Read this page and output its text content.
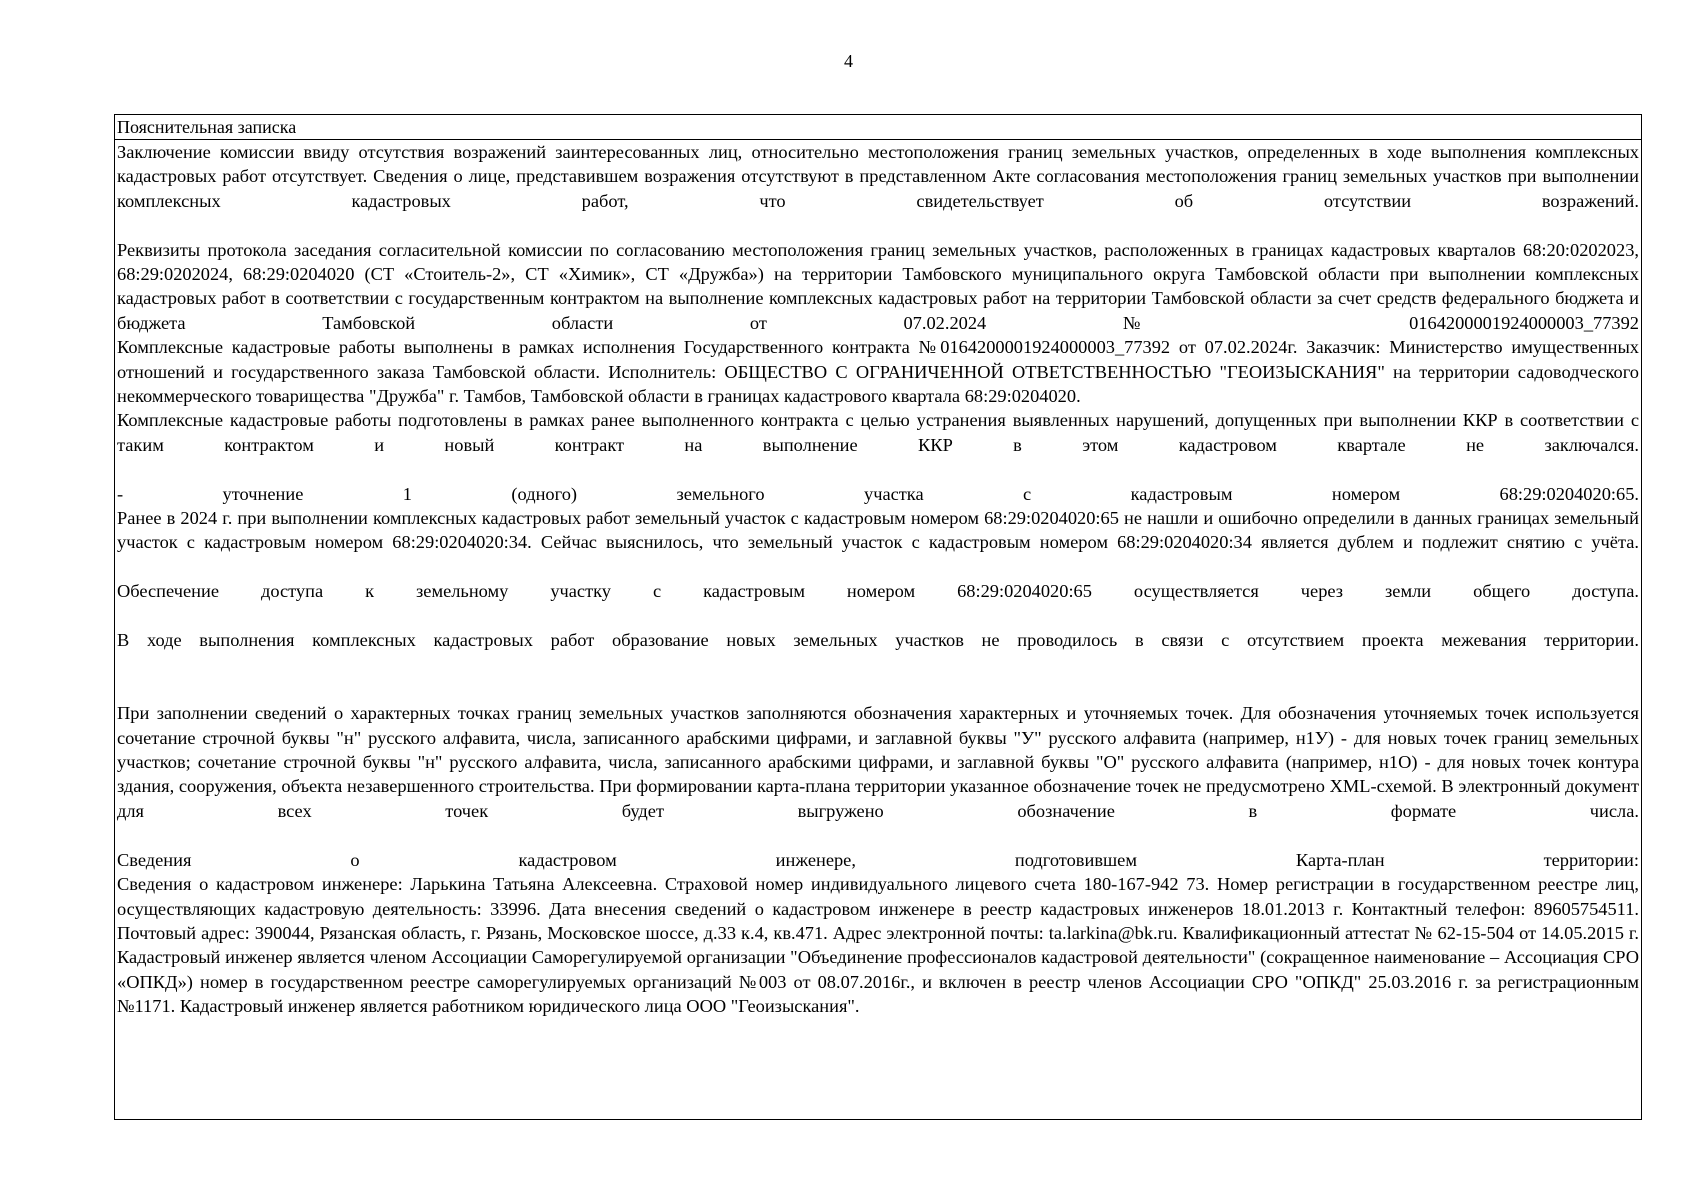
4
Пояснительная записка

Заключение комиссии ввиду отсутствия возражений заинтересованных лиц, относительно местоположения границ земельных участков, определенных в ходе выполнения комплексных кадастровых работ отсутствует. Сведения о лице, представившем возражения отсутствуют в представленном Акте согласования местоположения границ земельных участков при выполнении комплексных кадастровых работ, что свидетельствует об отсутствии возражений.

Реквизиты протокола заседания согласительной комиссии по согласованию местоположения границ земельных участков, расположенных в границах кадастровых кварталов 68:20:0202023, 68:29:0202024, 68:29:0204020 (СТ «Стоитель-2», СТ «Химик», СТ «Дружба») на территории Тамбовского муниципального округа Тамбовской области при выполнении комплексных кадастровых работ в соответствии с государственным контрактом на выполнение комплексных кадастровых работ на территории Тамбовской области за счет средств федерального бюджета и бюджета Тамбовской области от 07.02.2024 № 0164200001924000003_77392

Комплексные кадастровые работы выполнены в рамках исполнения Государственного контракта №0164200001924000003_77392 от 07.02.2024г. Заказчик: Министерство имущественных отношений и государственного заказа Тамбовской области. Исполнитель: ОБЩЕСТВО С ОГРАНИЧЕННОЙ ОТВЕТСТВЕННОСТЬЮ "ГЕОИЗЫСКАНИЯ" на территории садоводческого некоммерческого товарищества "Дружба" г. Тамбов, Тамбовской области в границах кадастрового квартала 68:29:0204020.

Комплексные кадастровые работы подготовлены в рамках ранее выполненного контракта с целью устранения выявленных нарушений, допущенных при выполнении ККР в соответствии с таким контрактом и новый контракт на выполнение ККР в этом кадастровом квартале не заключался.

- уточнение 1 (одного) земельного участка с кадастровым номером 68:29:0204020:65.

Ранее в 2024 г. при выполнении комплексных кадастровых работ земельный участок с кадастровым номером 68:29:0204020:65 не нашли и ошибочно определили в данных границах земельный участок с кадастровым номером 68:29:0204020:34. Сейчас выяснилось, что земельный участок с кадастровым номером 68:29:0204020:34 является дублем и подлежит снятию с учёта.

Обеспечение доступа к земельному участку с кадастровым номером 68:29:0204020:65 осуществляется через земли общего доступа.

В ходе выполнения комплексных кадастровых работ образование новых земельных участков не проводилось в связи с отсутствием проекта межевания территории.

При заполнении сведений о характерных точках границ земельных участков заполняются обозначения характерных и уточняемых точек. Для обозначения уточняемых точек используется сочетание строчной буквы "н" русского алфавита, числа, записанного арабскими цифрами, и заглавной буквы "У" русского алфавита (например, н1У) - для новых точек границ земельных участков; сочетание строчной буквы "н" русского алфавита, числа, записанного арабскими цифрами, и заглавной буквы "О" русского алфавита (например, н1О) - для новых точек контура здания, сооружения, объекта незавершенного строительства. При формировании карта-плана территории указанное обозначение точек не предусмотрено XML-схемой. В электронный документ для всех точек будет выгружено обозначение в формате числа.

Сведения о кадастровом инженере, подготовившем Карта-план территории:

Сведения о кадастровом инженере: Ларькина Татьяна Алексеевна. Страховой номер индивидуального лицевого счета 180-167-942 73. Номер регистрации в государственном реестре лиц, осуществляющих кадастровую деятельность: 33996. Дата внесения сведений о кадастровом инженере в реестр кадастровых инженеров 18.01.2013 г. Контактный телефон: 89605754511. Почтовый адрес: 390044, Рязанская область, г. Рязань, Московское шоссе, д.33 к.4, кв.471. Адрес электронной почты: ta.larkina@bk.ru. Квалификационный аттестат № 62-15-504 от 14.05.2015 г. Кадастровый инженер является членом Ассоциации Саморегулируемой организации "Объединение профессионалов кадастровой деятельности" (сокращенное наименование – Ассоциация СРО «ОПКД») номер в государственном реестре саморегулируемых организаций №003 от 08.07.2016г., и включен в реестр членов Ассоциации СРО "ОПКД" 25.03.2016 г. за регистрационным №1171. Кадастровый инженер является работником юридического лица ООО "Геоизыскания".
